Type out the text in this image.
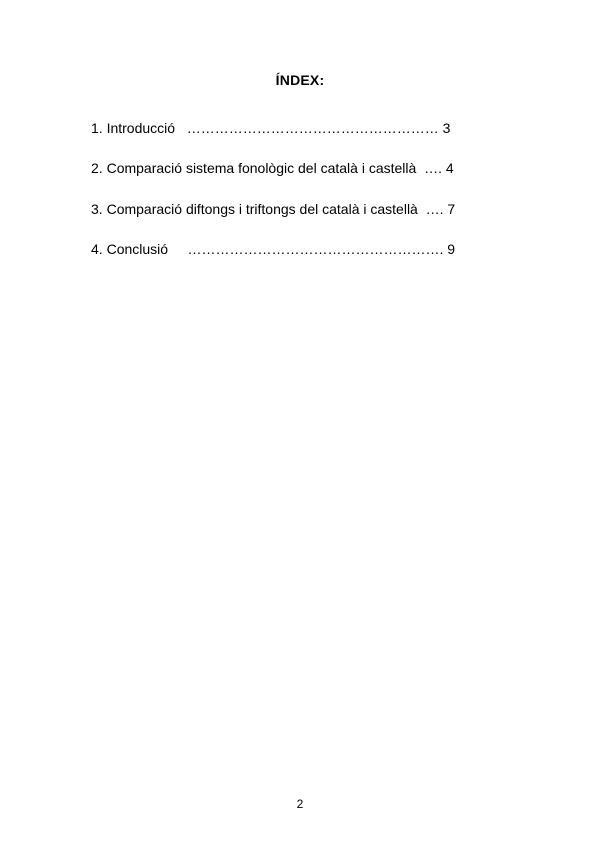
ÍNDEX:
1. Introducció   ……………………………………………… 3
2. Comparació sistema fonològic del català i castellà  …. 4
3. Comparació diftongs i triftongs del català i castellà  …. 7
4. Conclusió     ………………………………………………. 9
2
